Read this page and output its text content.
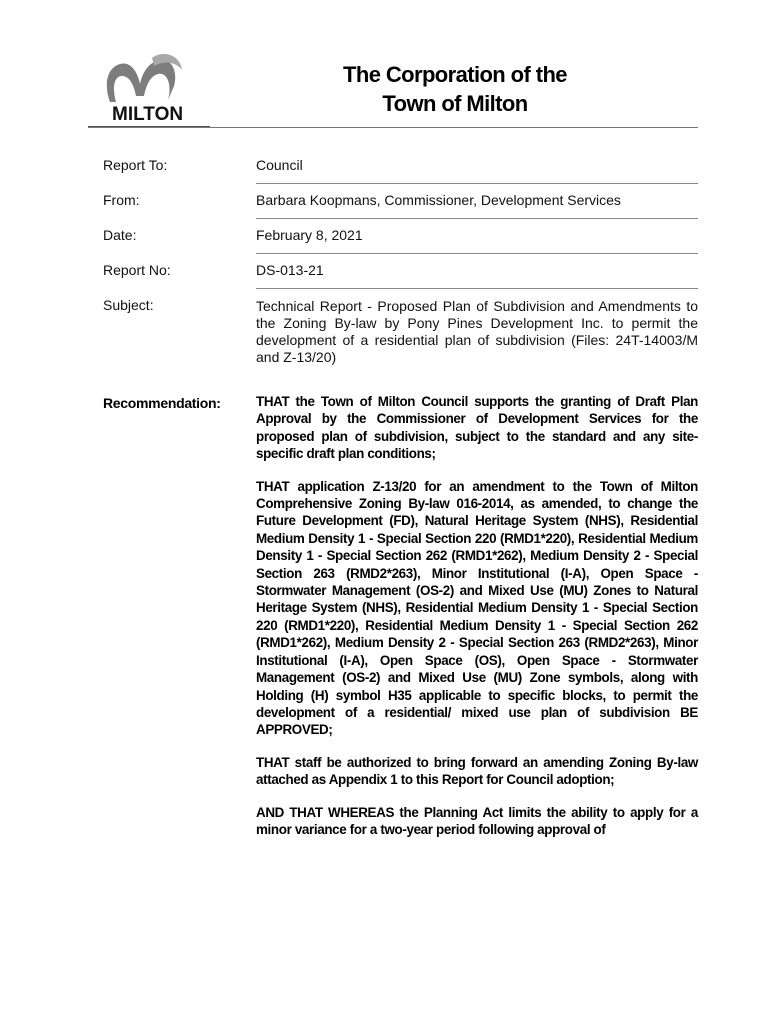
MILTON
The Corporation of the
Town of Milton
Report To:	Council
From:	Barbara Koopmans, Commissioner, Development Services
Date:	February 8, 2021
Report No:	DS-013-21
Subject:	Technical Report - Proposed Plan of Subdivision and Amendments to the Zoning By-law by Pony Pines Development Inc. to permit the development of a residential plan of subdivision (Files: 24T-14003/M and Z-13/20)
Recommendation:	THAT the Town of Milton Council supports the granting of Draft Plan Approval by the Commissioner of Development Services for the proposed plan of subdivision, subject to the standard and any site-specific draft plan conditions;

THAT application Z-13/20 for an amendment to the Town of Milton Comprehensive Zoning By-law 016-2014, as amended, to change the Future Development (FD), Natural Heritage System (NHS), Residential Medium Density 1 - Special Section 220 (RMD1*220), Residential Medium Density 1 - Special Section 262 (RMD1*262), Medium Density 2 - Special Section 263 (RMD2*263), Minor Institutional (I-A), Open Space - Stormwater Management (OS-2) and Mixed Use (MU) Zones to Natural Heritage System (NHS), Residential Medium Density 1 - Special Section 220 (RMD1*220), Residential Medium Density 1 - Special Section 262 (RMD1*262), Medium Density 2 - Special Section 263 (RMD2*263), Minor Institutional (I-A), Open Space (OS), Open Space - Stormwater Management (OS-2) and Mixed Use (MU) Zone symbols, along with Holding (H) symbol H35 applicable to specific blocks, to permit the development of a residential/ mixed use plan of subdivision BE APPROVED;

THAT staff be authorized to bring forward an amending Zoning By-law attached as Appendix 1 to this Report for Council adoption;

AND THAT WHEREAS the Planning Act limits the ability to apply for a minor variance for a two-year period following approval of
